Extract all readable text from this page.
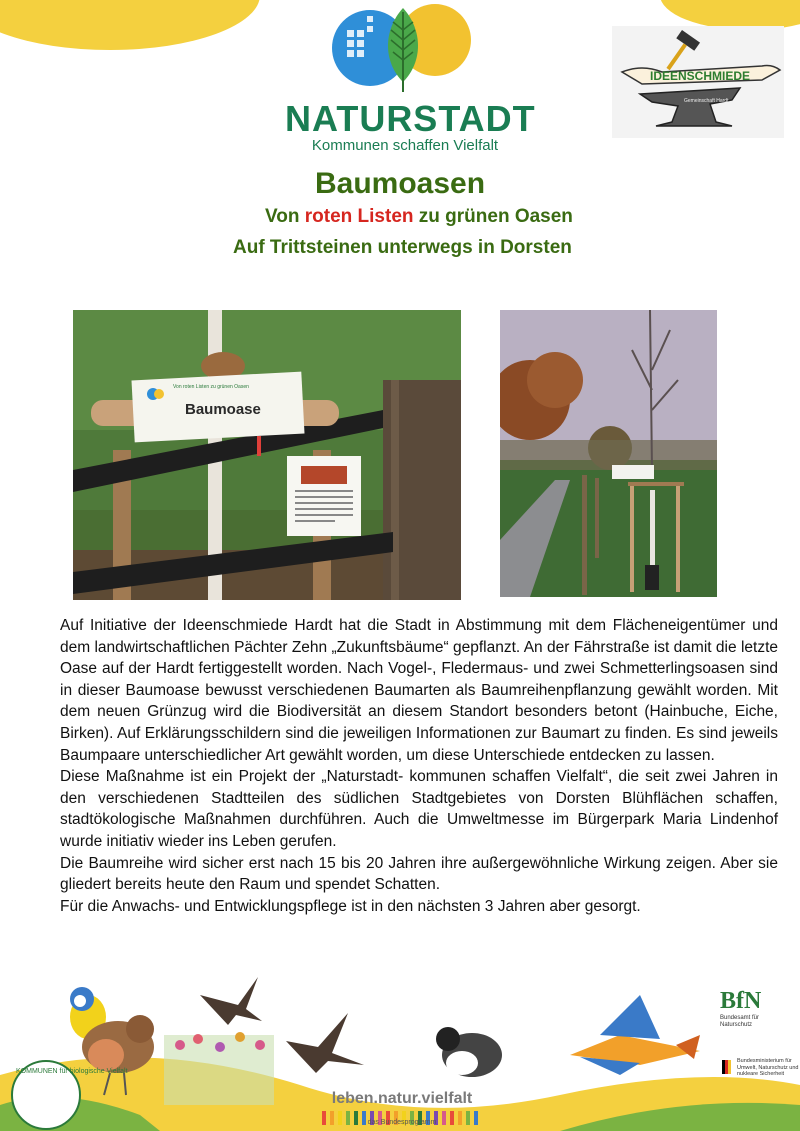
NATURSTADT
Kommunen schaffen Vielfalt
IDEENSCHMIEDE
Gemeinschaft Hardt
Baumoasen
Von roten Listen zu grünen Oasen
Auf Trittsteinen unterwegs in Dorsten
Von roten Listen zu grünen Oasen
Baumoase

Auf Initiative der Ideenschmiede Hardt hat die Stadt in Abstimmung mit dem Flächeneigentümer und dem landwirtschaftlichen Pächter Zehn „Zukunftsbäume“ gepflanzt. An der Fährstraße ist damit die letzte Oase auf der Hardt fertiggestellt worden. Nach Vogel-, Fledermaus- und zwei Schmetterlingsoasen sind in dieser Baumoase bewusst verschiedenen Baumarten als Baumreihenpflanzung gewählt worden. Mit dem neuen Grünzug wird die Biodiversität an diesem Standort besonders betont (Hainbuche, Eiche, Birken). Auf Erklärungsschildern sind die jeweiligen Informationen zur Baumart zu finden. Es sind jeweils Baumpaare unterschiedlicher Art gewählt worden, um diese Unterschiede entdecken zu lassen.

Diese Maßnahme ist ein Projekt der „Naturstadt- kommunen schaffen Vielfalt“, die seit zwei Jahren in den verschiedenen Stadtteilen des südlichen Stadtgebietes von Dorsten Blühflächen schaffen, stadtökologische Maßnahmen durchführen. Auch die Umweltmesse im Bürgerpark Maria Lindenhof wurde initiativ wieder ins Leben gerufen.

Die Baumreihe wird sicher erst nach 15 bis 20 Jahren ihre außergewöhnliche Wirkung zeigen. Aber sie gliedert bereits heute den Raum und spendet Schatten.

Für die Anwachs- und Entwicklungspflege ist in den nächsten 3 Jahren aber gesorgt.

KOMMUNEN für biologische Vielfalt
leben.natur.vielfalt
das Bundesprogramm
BfN
Bundesamt für Naturschutz
Bundesministerium für Umwelt, Naturschutz und nukleare Sicherheit
